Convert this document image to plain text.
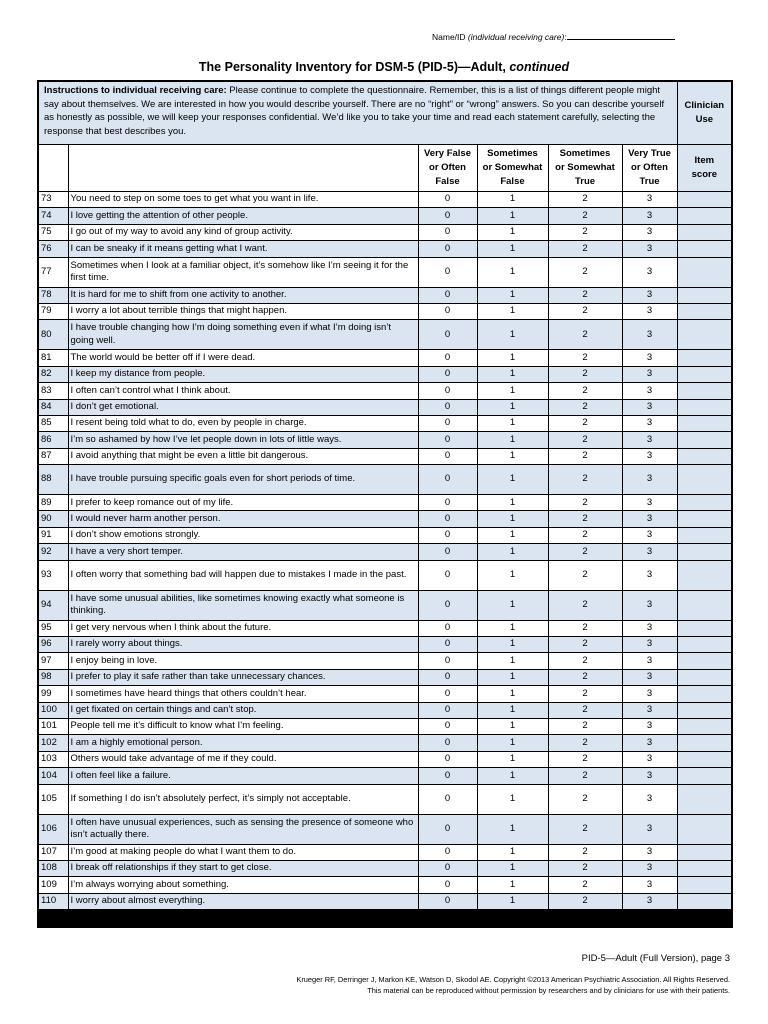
Name/ID (individual receiving care):
The Personality Inventory for DSM-5 (PID-5)—Adult, continued
Instructions to individual receiving care: Please continue to complete the questionnaire. Remember, this is a list of things different people might say about themselves. We are interested in how you would describe yourself. There are no “right” or “wrong” answers. So you can describe yourself as honestly as possible, we will keep your responses confidential. We’d like you to take your time and read each statement carefully, selecting the response that best describes you.						Clinician
Use
		Very False
or Often
False	Sometimes
or Somewhat
False	Sometimes
or Somewhat
True	Very True
or Often
True	Item
score
73	You need to step on some toes to get what you want in life.	0	1	2	3	
74	I love getting the attention of other people.	0	1	2	3	
75	I go out of my way to avoid any kind of group activity.	0	1	2	3	
76	I can be sneaky if it means getting what I want.	0	1	2	3	
77	Sometimes when I look at a familiar object, it’s somehow like I’m seeing it for the first time.	0	1	2	3	
78	It is hard for me to shift from one activity to another.	0	1	2	3	
79	I worry a lot about terrible things that might happen.	0	1	2	3	
80	I have trouble changing how I’m doing something even if what I’m doing isn’t going well.	0	1	2	3	
81	The world would be better off if I were dead.	0	1	2	3	
82	I keep my distance from people.	0	1	2	3	
83	I often can’t control what I think about.	0	1	2	3	
84	I don’t get emotional.	0	1	2	3	
85	I resent being told what to do, even by people in charge.	0	1	2	3	
86	I’m so ashamed by how I’ve let people down in lots of little ways.	0	1	2	3	
87	I avoid anything that might be even a little bit dangerous.	0	1	2	3	
88	I have trouble pursuing specific goals even for short periods of time.	0	1	2	3	
89	I prefer to keep romance out of my life.	0	1	2	3	
90	I would never harm another person.	0	1	2	3	
91	I don’t show emotions strongly.	0	1	2	3	
92	I have a very short temper.	0	1	2	3	
93	I often worry that something bad will happen due to mistakes I made in the past.	0	1	2	3	
94	I have some unusual abilities, like sometimes knowing exactly what someone is thinking.	0	1	2	3	
95	I get very nervous when I think about the future.	0	1	2	3	
96	I rarely worry about things.	0	1	2	3	
97	I enjoy being in love.	0	1	2	3	
98	I prefer to play it safe rather than take unnecessary chances.	0	1	2	3	
99	I sometimes have heard things that others couldn’t hear.	0	1	2	3	
100	I get fixated on certain things and can’t stop.	0	1	2	3	
101	People tell me it’s difficult to know what I’m feeling.	0	1	2	3	
102	I am a highly emotional person.	0	1	2	3	
103	Others would take advantage of me if they could.	0	1	2	3	
104	I often feel like a failure.	0	1	2	3	
105	If something I do isn’t absolutely perfect, it’s simply not acceptable.	0	1	2	3	
106	I often have unusual experiences, such as sensing the presence of someone who isn’t actually there.	0	1	2	3	
107	I’m good at making people do what I want them to do.	0	1	2	3	
108	I break off relationships if they start to get close.	0	1	2	3	
109	I’m always worrying about something.	0	1	2	3	
110	I worry about almost everything.	0	1	2	3	

PID-5—Adult (Full Version), page 3
Krueger RF, Derringer J, Markon KE, Watson D, Skodol AE. Copyright ©2013 American Psychiatric Association. All Rights Reserved.
This material can be reproduced without permission by researchers and by clinicians for use with their patients.
